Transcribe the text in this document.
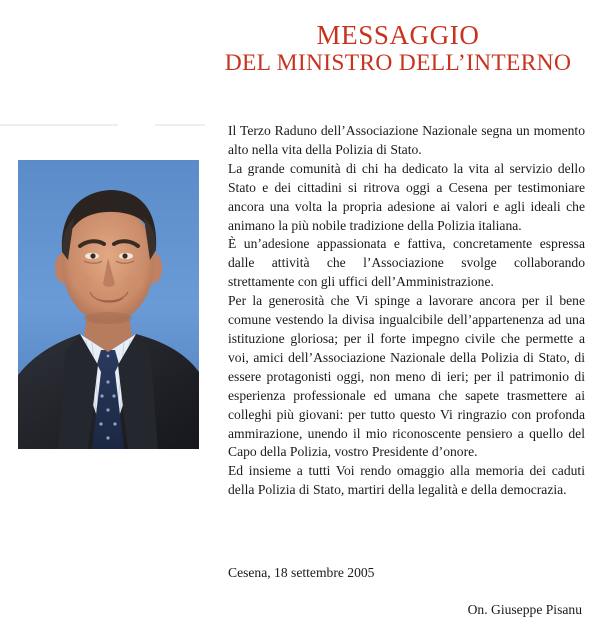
MESSAGGIO
DEL MINISTRO DELL’INTERNO

Il Terzo Raduno dell’Associazione Nazionale segna un momento alto nella vita della Polizia di Stato.

La grande comunità di chi ha dedicato la vita al servizio dello Stato e dei cittadini si ritrova oggi a Cesena per testimoniare ancora una volta la propria adesione ai valori e agli ideali che animano la più nobile tradizione della Polizia italiana.

È un’adesione appassionata e fattiva, concretamente espressa dalle attività che l’Associazione svolge collaborando strettamente con gli uffici dell’Amministrazione.

Per la generosità che Vi spinge a lavorare ancora per il bene comune vestendo la divisa ingualcibile dell’appartenenza ad una istituzione gloriosa; per il forte impegno civile che permette a voi, amici dell’Associazione Nazionale della Polizia di Stato, di essere protagonisti oggi, non meno di ieri; per il patrimonio di esperienza professionale ed umana che sapete trasmettere ai colleghi più giovani: per tutto questo Vi ringrazio con profonda ammirazione, unendo il mio riconoscente pensiero a quello del Capo della Polizia, vostro Presidente d’onore.

Ed insieme a tutti Voi rendo omaggio alla memoria dei caduti della Polizia di Stato, martiri della legalità e della democrazia.

Cesena, 18 settembre 2005
On. Giuseppe Pisanu
